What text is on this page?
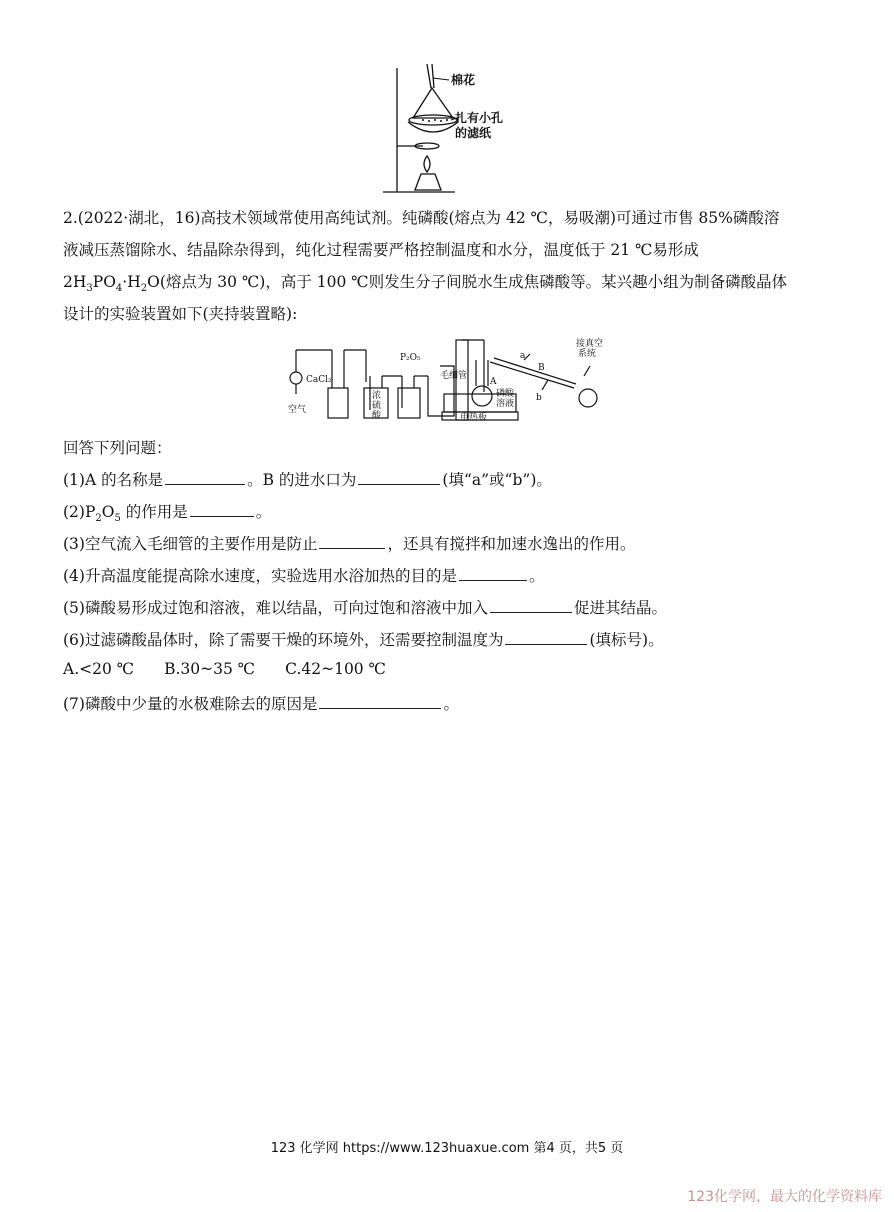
棉花
扎有小孔
的滤纸
2.(2022·湖北，16)高技术领域常使用高纯试剂。纯磷酸(熔点为 42 ℃，易吸潮)可通过市售 85%磷酸溶
液减压蒸馏除水、结晶除杂得到，纯化过程需要严格控制温度和水分，温度低于 21 ℃易形成
$2H_3PO_4\cdot H_2O$(熔点为 30 ℃)，高于 100 ℃则发生分子间脱水生成焦磷酸等。某兴趣小组为制备磷酸晶体
设计的实验装置如下(夹持装置略):
CaCl₂
空气
浓
硫
酸
P₂O₅
毛细管
A
a
B
b
磷酸
溶液
电热板
接真空
系统
回答下列问题：
(1)A 的名称是	。B 的进水口为	(填“a”或“b”)。
$(2)P_2O_5$ 的作用是	。
(3)空气流入毛细管的主要作用是防止	，还具有搅拌和加速水逸出的作用。
(4)升高温度能提高除水速度，实验选用水浴加热的目的是	。
(5)磷酸易形成过饱和溶液，难以结晶，可向过饱和溶液中加入	促进其结晶。
(6)过滤磷酸晶体时，除了需要干燥的环境外，还需要控制温度为	(填标号)。
A.<20 ℃ B.30~35 ℃ C.42~100 ℃
(7)磷酸中少量的水极难除去的原因是	。
123 化学网 https://www.123huaxue.com 第4 页，共5 页
123化学网，最大的化学资料库
